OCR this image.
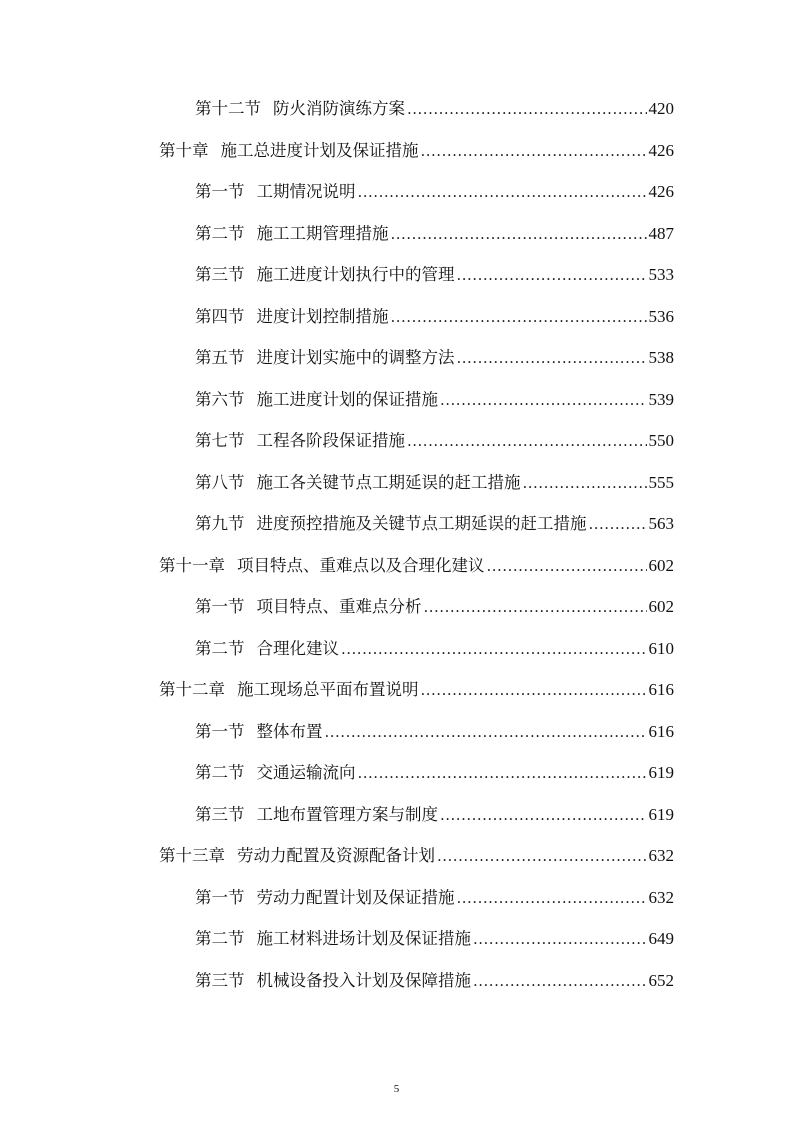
第十二节 防火消防演练方案 .....	420
第十章 施工总进度计划及保证措施 .....	426
第一节 工期情况说明 .....	426
第二节 施工工期管理措施 .....	487
第三节 施工进度计划执行中的管理 .....	533
第四节 进度计划控制措施 .....	536
第五节 进度计划实施中的调整方法 .....	538
第六节 施工进度计划的保证措施 .....	539
第七节 工程各阶段保证措施 .....	550
第八节 施工各关键节点工期延误的赶工措施 .....	555
第九节 进度预控措施及关键节点工期延误的赶工措施 .....	563
第十一章 项目特点、重难点以及合理化建议 .....	602
第一节 项目特点、重难点分析 .....	602
第二节 合理化建议 .....	610
第十二章 施工现场总平面布置说明 .....	616
第一节 整体布置 .....	616
第二节 交通运输流向 .....	619
第三节 工地布置管理方案与制度 .....	619
第十三章 劳动力配置及资源配备计划 .....	632
第一节 劳动力配置计划及保证措施 .....	632
第二节 施工材料进场计划及保证措施 .....	649
第三节 机械设备投入计划及保障措施 .....	652
5
